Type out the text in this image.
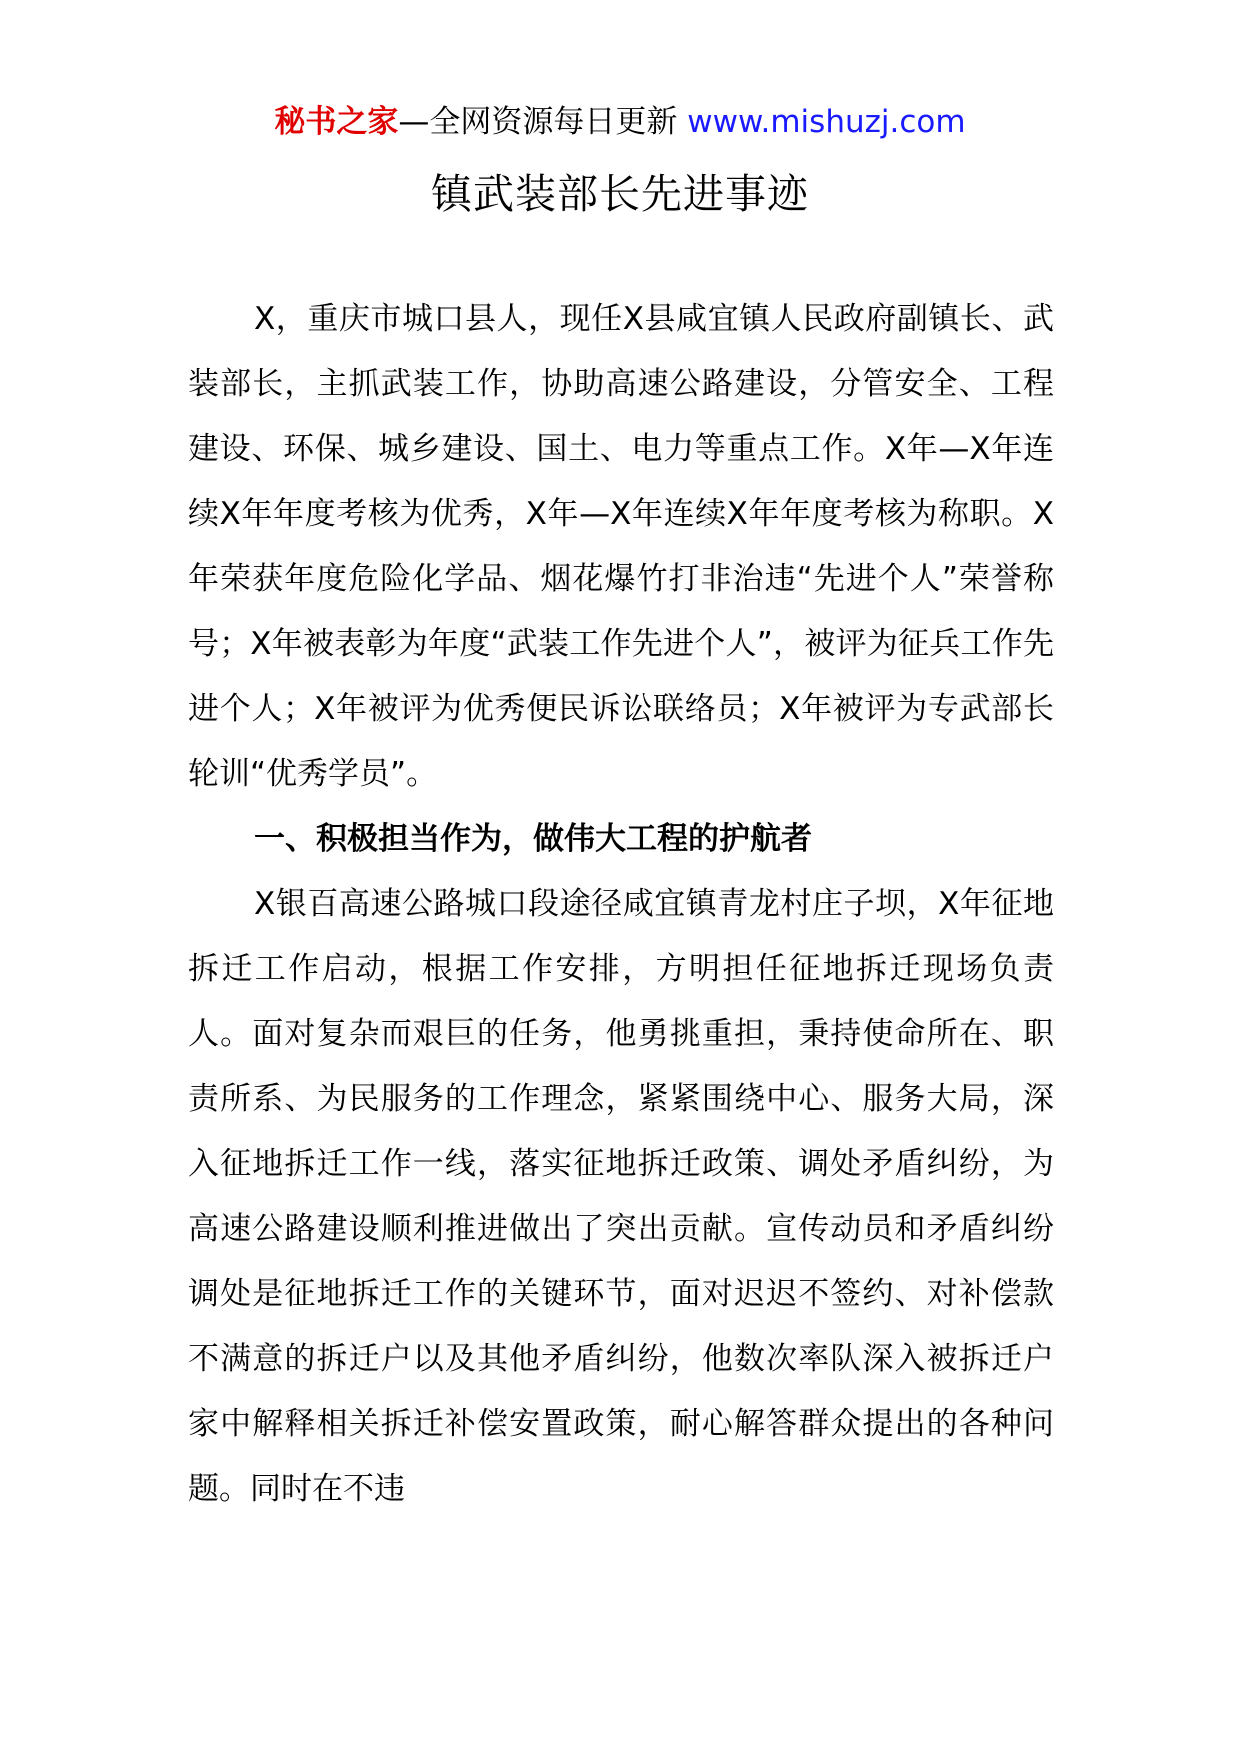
秘书之家—全网资源每日更新 www.mishuzj.com
镇武装部长先进事迹

X，重庆市城口县人，现任X县咸宜镇人民政府副镇长、武装部长，主抓武装工作，协助高速公路建设，分管安全、工程建设、环保、城乡建设、国土、电力等重点工作。X年—X年连续X年年度考核为优秀，X年—X年连续X年年度考核为称职。X年荣获年度危险化学品、烟花爆竹打非治违“先进个人”荣誉称号；X年被表彰为年度“武装工作先进个人”，被评为征兵工作先进个人；X年被评为优秀便民诉讼联络员；X年被评为专武部长轮训“优秀学员”。

一、积极担当作为，做伟大工程的护航者

X银百高速公路城口段途径咸宜镇青龙村庄子坝，X年征地拆迁工作启动，根据工作安排，方明担任征地拆迁现场负责人。面对复杂而艰巨的任务，他勇挑重担，秉持使命所在、职责所系、为民服务的工作理念，紧紧围绕中心、服务大局，深入征地拆迁工作一线，落实征地拆迁政策、调处矛盾纠纷，为高速公路建设顺利推进做出了突出贡献。宣传动员和矛盾纠纷调处是征地拆迁工作的关键环节，面对迟迟不签约、对补偿款不满意的拆迁户以及其他矛盾纠纷，他数次率队深入被拆迁户家中解释相关拆迁补偿安置政策，耐心解答群众提出的各种问题。同时在不违
